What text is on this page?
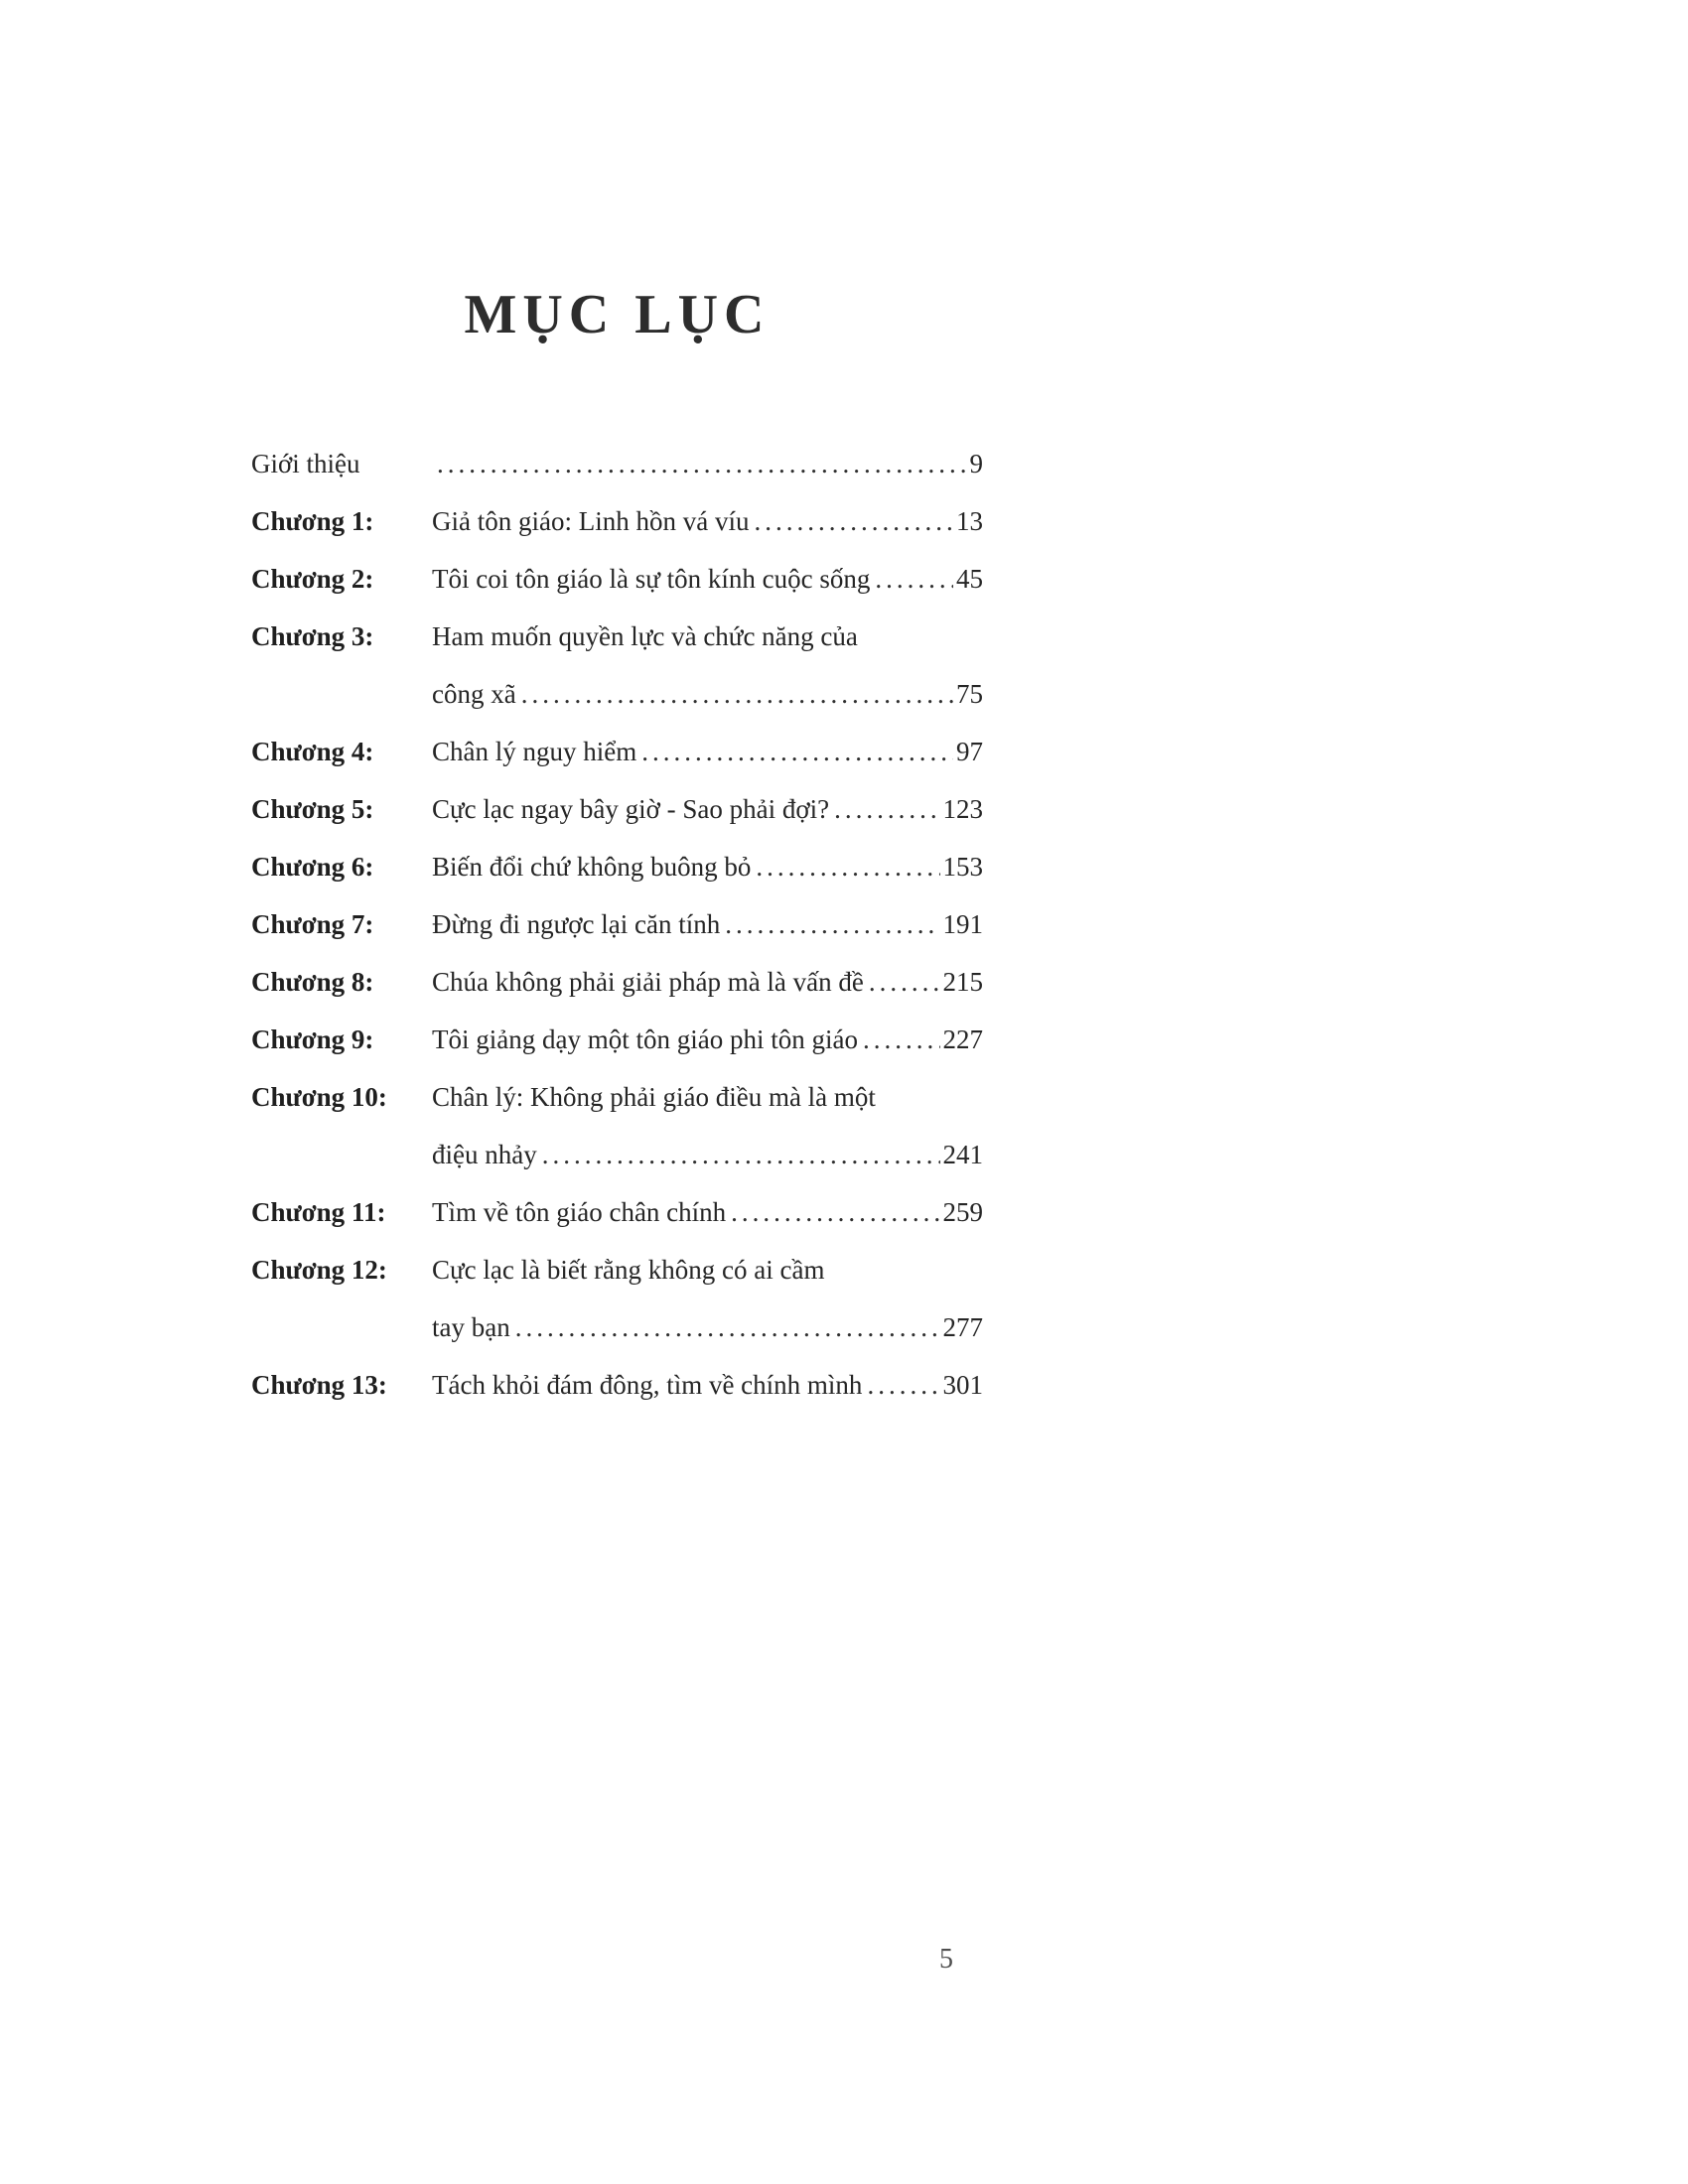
MỤC LỤC
Giới thiệu .....	9
Chương 1:	Giả tôn giáo: Linh hồn vá víu .....	13
Chương 2:	Tôi coi tôn giáo là sự tôn kính cuộc sống .....	45
Chương 3:	Ham muốn quyền lực và chức năng của
công xã .....	75
Chương 4:	Chân lý nguy hiểm .....	97
Chương 5:	Cực lạc ngay bây giờ - Sao phải đợi? .....	123
Chương 6:	Biến đổi chứ không buông bỏ .....	153
Chương 7:	Đừng đi ngược lại căn tính .....	191
Chương 8:	Chúa không phải giải pháp mà là vấn đề .....	215
Chương 9:	Tôi giảng dạy một tôn giáo phi tôn giáo .....	227
Chương 10:	Chân lý: Không phải giáo điều mà là một
điệu nhảy .....	241
Chương 11:	Tìm về tôn giáo chân chính .....	259
Chương 12:	Cực lạc là biết rằng không có ai cầm
tay bạn .....	277
Chương 13:	Tách khỏi đám đông, tìm về chính mình .....	301
5
